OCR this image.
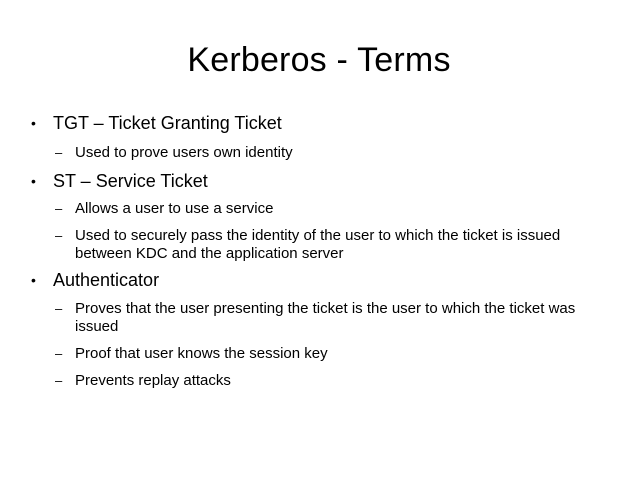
Kerberos - Terms
• TGT – Ticket Granting Ticket
– Used to prove users own identity
• ST – Service Ticket
– Allows a user to use a service
– Used to securely pass the identity of the user to which the ticket is issued between KDC and the application server
• Authenticator
– Proves that the user presenting the ticket is the user to which the ticket was issued
– Proof that user knows the session key
– Prevents replay attacks
